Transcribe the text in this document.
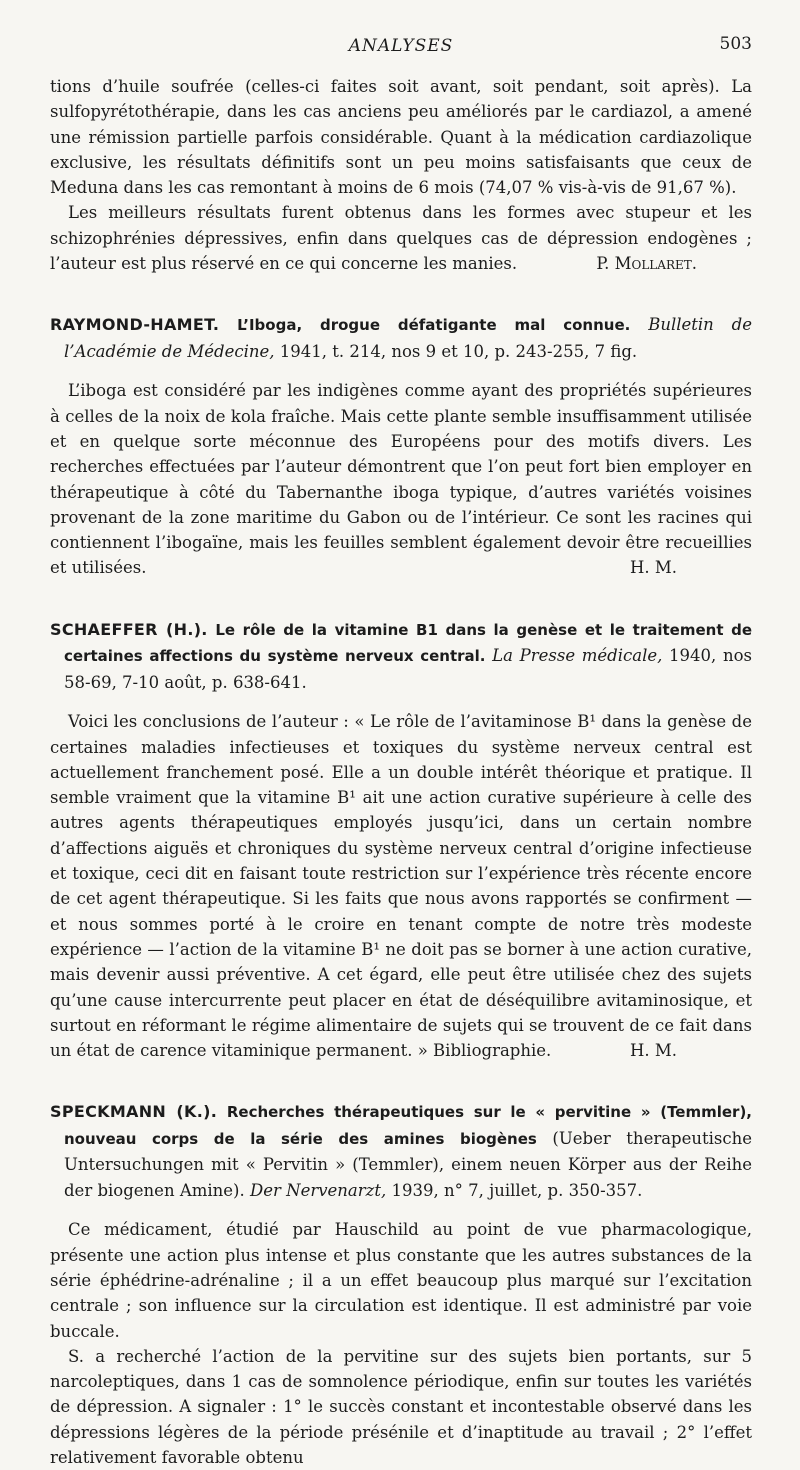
ANALYSES	503

tions d’huile soufrée (celles-ci faites soit avant, soit pendant, soit après). La sulfopyrétothérapie, dans les cas anciens peu améliorés par le cardiazol, a amené une rémission partielle parfois considérable. Quant à la médication cardiazolique exclusive, les résultats définitifs sont un peu moins satisfaisants que ceux de Meduna dans les cas remontant à moins de 6 mois (74,07 % vis-à-vis de 91,67 %).

Les meilleurs résultats furent obtenus dans les formes avec stupeur et les schizophrénies dépressives, enfin dans quelques cas de dépression endogènes ; l’auteur est plus réservé en ce qui concerne les manies.	P. Mollaret.

RAYMOND-HAMET. L’Iboga, drogue défatigante mal connue. Bulletin de l’Académie de Médecine, 1941, t. 214, nos 9 et 10, p. 243-255, 7 fig.

L’iboga est considéré par les indigènes comme ayant des propriétés supérieures à celles de la noix de kola fraîche. Mais cette plante semble insuffisamment utilisée et en quelque sorte méconnue des Européens pour des motifs divers. Les recherches effectuées par l’auteur démontrent que l’on peut fort bien employer en thérapeutique à côté du Tabernanthe iboga typique, d’autres variétés voisines provenant de la zone maritime du Gabon ou de l’intérieur. Ce sont les racines qui contiennent l’ibogaïne, mais les feuilles semblent également devoir être recueillies et utilisées.	H. M.

SCHAEFFER (H.). Le rôle de la vitamine B1 dans la genèse et le traitement de certaines affections du système nerveux central. La Presse médicale, 1940, nos 58-69, 7-10 août, p. 638-641.

Voici les conclusions de l’auteur : « Le rôle de l’avitaminose B¹ dans la genèse de certaines maladies infectieuses et toxiques du système nerveux central est actuellement franchement posé. Elle a un double intérêt théorique et pratique. Il semble vraiment que la vitamine B¹ ait une action curative supérieure à celle des autres agents thérapeutiques employés jusqu’ici, dans un certain nombre d’affections aiguës et chroniques du système nerveux central d’origine infectieuse et toxique, ceci dit en faisant toute restriction sur l’expérience très récente encore de cet agent thérapeutique. Si les faits que nous avons rapportés se confirment — et nous sommes porté à le croire en tenant compte de notre très modeste expérience — l’action de la vitamine B¹ ne doit pas se borner à une action curative, mais devenir aussi préventive. A cet égard, elle peut être utilisée chez des sujets qu’une cause intercurrente peut placer en état de déséquilibre avitaminosique, et surtout en réformant le régime alimentaire de sujets qui se trouvent de ce fait dans un état de carence vitaminique permanent. » Bibliographie.	H. M.

SPECKMANN (K.). Recherches thérapeutiques sur le « pervitine » (Temmler), nouveau corps de la série des amines biogènes (Ueber therapeutische Untersuchungen mit « Pervitin » (Temmler), einem neuen Körper aus der Reihe der biogenen Amine). Der Nervenarzt, 1939, n° 7, juillet, p. 350-357.

Ce médicament, étudié par Hauschild au point de vue pharmacologique, présente une action plus intense et plus constante que les autres substances de la série éphédrine-adrénaline ; il a un effet beaucoup plus marqué sur l’excitation centrale ; son influence sur la circulation est identique. Il est administré par voie buccale.

S. a recherché l’action de la pervitine sur des sujets bien portants, sur 5 narcoleptiques, dans 1 cas de somnolence périodique, enfin sur toutes les variétés de dépression. A signaler : 1° le succès constant et incontestable observé dans les dépressions légères de la période présénile et d’inaptitude au travail ; 2° l’effet relativement favorable obtenu
